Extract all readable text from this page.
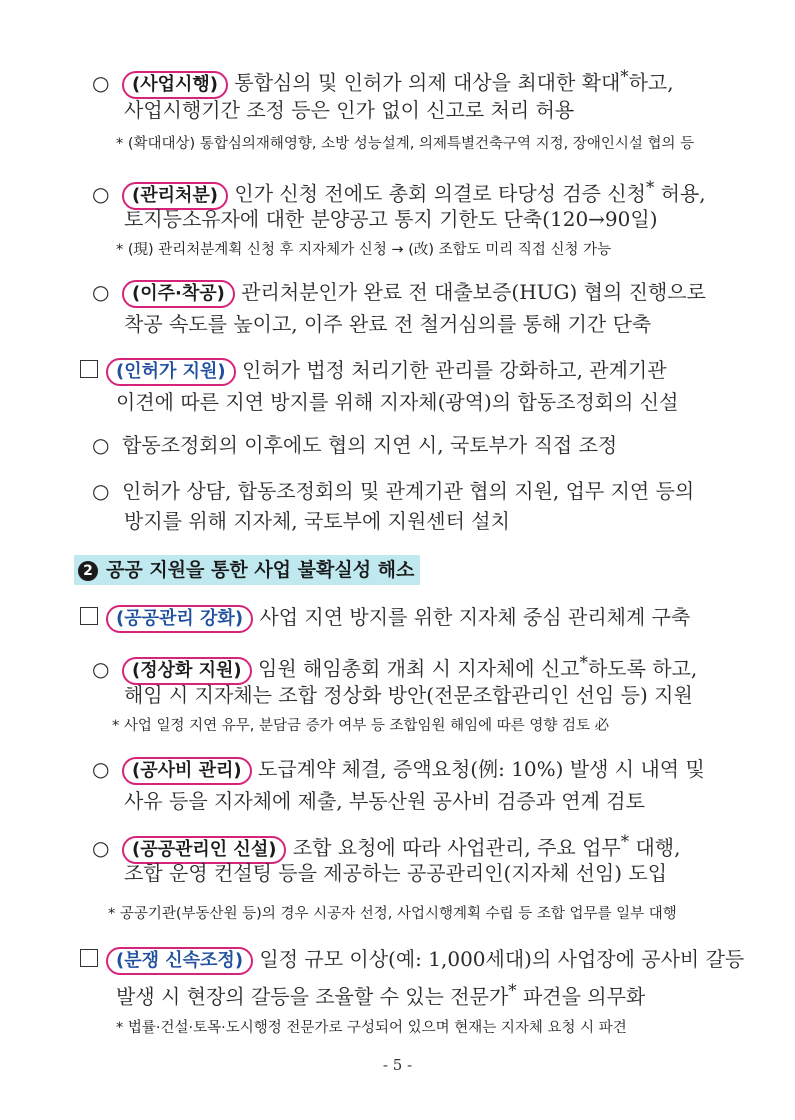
○ (사업시행) 통합심의 및 인허가 의제 대상을 최대한 확대*하고,
사업시행기간 조정 등은 인가 없이 신고로 처리 허용
* (확대대상) 통합심의재해영향, 소방 성능설계, 의제특별건축구역 지정, 장애인시설 협의 등
○ (관리처분) 인가 신청 전에도 총회 의결로 타당성 검증 신청* 허용,
토지등소유자에 대한 분양공고 통지 기한도 단축(120→90일)
* (現) 관리처분계획 신청 후 지자체가 신청 → (改) 조합도 미리 직접 신청 가능
○ (이주·착공) 관리처분인가 완료 전 대출보증(HUG) 협의 진행으로
착공 속도를 높이고, 이주 완료 전 철거심의를 통해 기간 단축
(인허가 지원) 인허가 법정 처리기한 관리를 강화하고, 관계기관
이견에 따른 지연 방지를 위해 지자체(광역)의 합동조정회의 신설
○ 합동조정회의 이후에도 협의 지연 시, 국토부가 직접 조정
○ 인허가 상담, 합동조정회의 및 관계기관 협의 지원, 업무 지연 등의
방지를 위해 지자체, 국토부에 지원센터 설치
2 공공 지원을 통한 사업 불확실성 해소
(공공관리 강화) 사업 지연 방지를 위한 지자체 중심 관리체계 구축
○ (정상화 지원) 임원 해임총회 개최 시 지자체에 신고*하도록 하고,
해임 시 지자체는 조합 정상화 방안(전문조합관리인 선임 등) 지원
* 사업 일정 지연 유무, 분담금 증가 여부 등 조합임원 해임에 따른 영향 검토 必
○ (공사비 관리) 도급계약 체결, 증액요청(例: 10%) 발생 시 내역 및
사유 등을 지자체에 제출, 부동산원 공사비 검증과 연계 검토
○ (공공관리인 신설) 조합 요청에 따라 사업관리, 주요 업무* 대행,
조합 운영 컨설팅 등을 제공하는 공공관리인(지자체 선임) 도입
* 공공기관(부동산원 등)의 경우 시공자 선정, 사업시행계획 수립 등 조합 업무를 일부 대행
(분쟁 신속조정) 일정 규모 이상(예: 1,000세대)의 사업장에 공사비 갈등
발생 시 현장의 갈등을 조율할 수 있는 전문가* 파견을 의무화
* 법률·건설·토목·도시행정 전문가로 구성되어 있으며 현재는 지자체 요청 시 파견
- 5 -
